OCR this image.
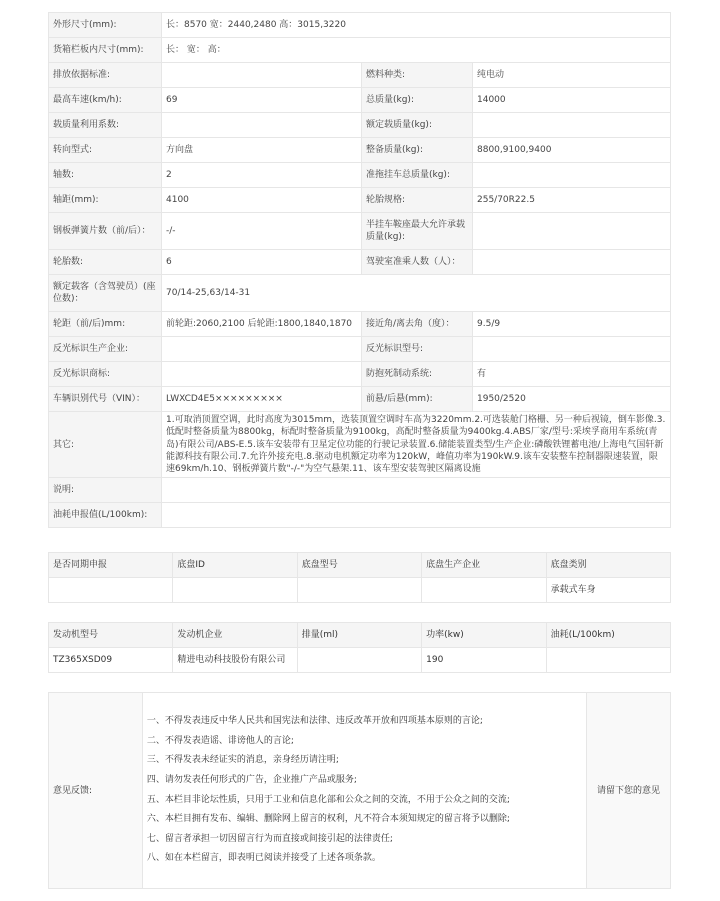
外形尺寸(mm):	长：8570 宽：2440,2480 高：3015,3220		
货箱栏板内尺寸(mm):	长： 宽： 高：		
排放依据标准:		燃料种类:	纯电动
最高车速(km/h):	69	总质量(kg):	14000
载质量利用系数:		额定载质量(kg):	
转向型式:	方向盘	整备质量(kg):	8800,9100,9400
轴数:	2	准拖挂车总质量(kg):	
轴距(mm):	4100	轮胎规格:	255/70R22.5
钢板弹簧片数（前/后）：	-/-	半挂车鞍座最大允许承载质量(kg):	
轮胎数:	6	驾驶室准乘人数（人）：	
额定载客（含驾驶员）(座位数)：	70/14-25,63/14-31		
轮距（前/后)mm:	前轮距:2060,2100 后轮距:1800,1840,1870	接近角/离去角（度）：	9.5/9
反光标识生产企业:		反光标识型号:	
反光标识商标:		防抱死制动系统:	有
车辆识别代号（VIN）：	LWXCD4E5×××××××××	前悬/后悬(mm):	1950/2520
其它:	1.可取消顶置空调，此时高度为3015mm，选装顶置空调时车高为3220mm.2.可选装舱门格栅、另一种后视镜，倒车影像.3.低配时整备质量为8800kg，标配时整备质量为9100kg，高配时整备质量为9400kg.4.ABS厂家/型号:采埃孚商用车系统(青岛)有限公司/ABS-E.5.该车安装带有卫星定位功能的行驶记录装置.6.储能装置类型/生产企业:磷酸铁锂蓄电池/上海电气国轩新能源科技有限公司.7.允许外接充电.8.驱动电机额定功率为120kW，峰值功率为190kW.9.该车安装整车控制器限速装置，限速69km/h.10、钢板弹簧片数"-/-"为空气悬架.11、该车型安装驾驶区隔离设施		
说明:			
油耗申报值(L/100km):			
是否同期申报	底盘ID	底盘型号	底盘生产企业	底盘类别
				承载式车身
发动机型号	发动机企业	排量(ml)	功率(kw)	油耗(L/100km)
TZ365XSD09	精进电动科技股份有限公司		190	
意见反馈:	
一、不得发表违反中华人民共和国宪法和法律、违反改革开放和四项基本原则的言论;
二、不得发表造谣、诽谤他人的言论;
三、不得发表未经证实的消息，亲身经历请注明;
四、请勿发表任何形式的广告，企业推广产品或服务;
五、本栏目非论坛性质，只用于工业和信息化部和公众之间的交流，不用于公众之间的交流;
六、本栏目拥有发布、编辑、删除网上留言的权利，凡不符合本须知规定的留言将予以删除;
七、留言者承担一切因留言行为而直接或间接引起的法律责任;
八、如在本栏留言，即表明已阅读并接受了上述各项条款。
	请留下您的意见
